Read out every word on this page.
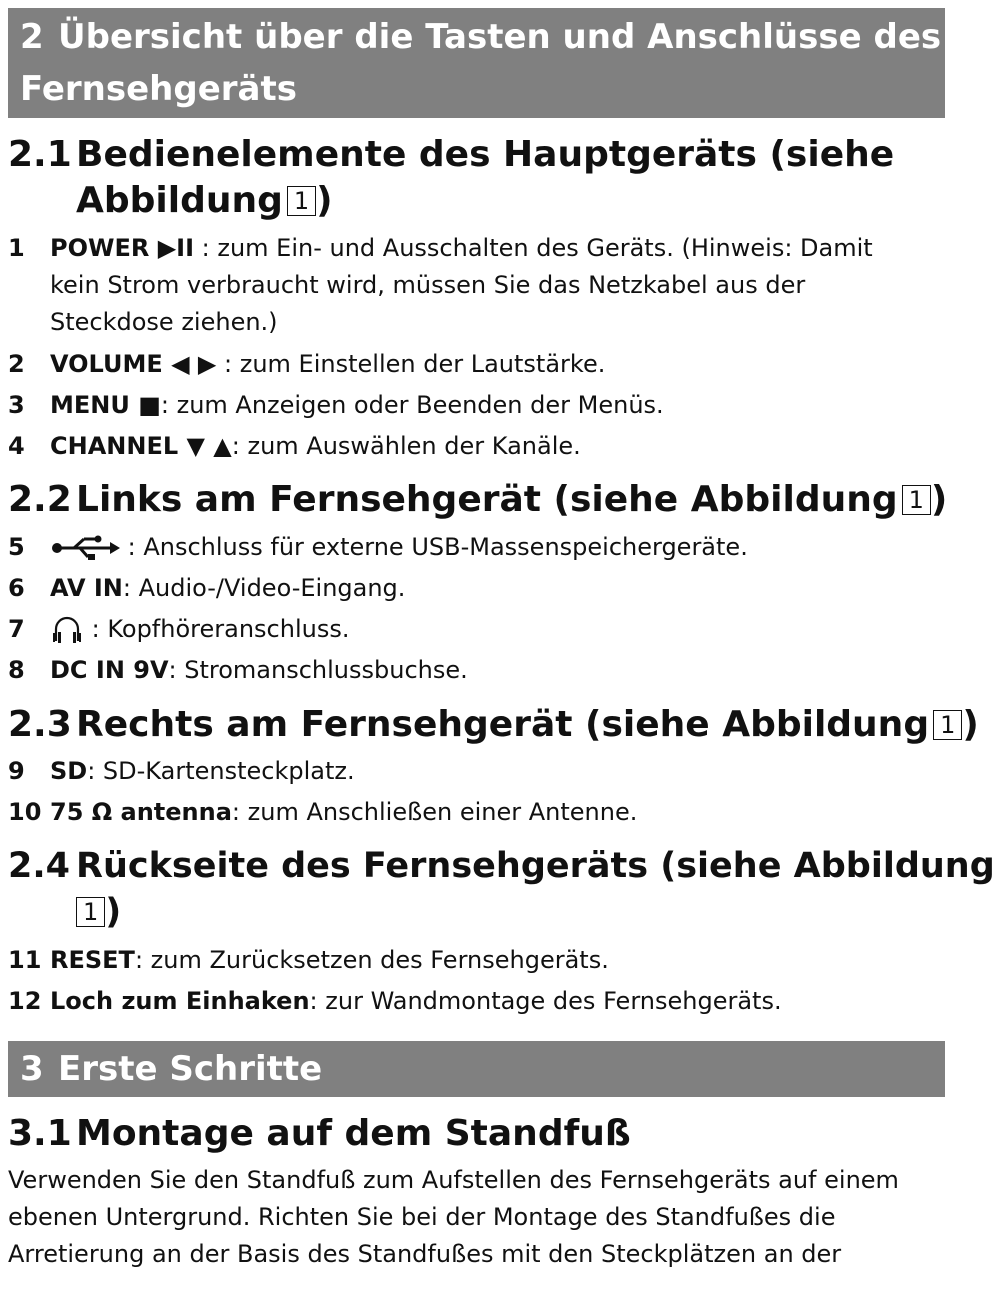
2 Übersicht über die Tasten und Anschlüsse des
Fernsehgeräts
2.1 Bedienelemente des Hauptgeräts (siehe
Abbildung 1 )
1 POWER ▶II : zum Ein- und Ausschalten des Geräts. (Hinweis: Damit
kein Strom verbraucht wird, müssen Sie das Netzkabel aus der
Steckdose ziehen.)
2 VOLUME ◀ ▶ : zum Einstellen der Lautstärke.
3 MENU ■: zum Anzeigen oder Beenden der Menüs.
4 CHANNEL ▼ ▲: zum Auswählen der Kanäle.
2.2 Links am Fernsehgerät (siehe Abbildung 1 )
5	: Anschluss für externe USB-Massenspeichergeräte.
6 AV IN: Audio-/Video-Eingang.
7	: Kopfhöreranschluss.
8 DC IN 9V: Stromanschlussbuchse.
2.3 Rechts am Fernsehgerät (siehe Abbildung 1 )
9 SD: SD-Kartensteckplatz.
10 75 Ω antenna: zum Anschließen einer Antenne.
2.4 Rückseite des Fernsehgeräts (siehe Abbildung
1 )
11 RESET: zum Zurücksetzen des Fernsehgeräts.
12 Loch zum Einhaken: zur Wandmontage des Fernsehgeräts.
3 Erste Schritte
3.1 Montage auf dem Standfuß
Verwenden Sie den Standfuß zum Aufstellen des Fernsehgeräts auf einem
ebenen Untergrund. Richten Sie bei der Montage des Standfußes die
Arretierung an der Basis des Standfußes mit den Steckplätzen an der
